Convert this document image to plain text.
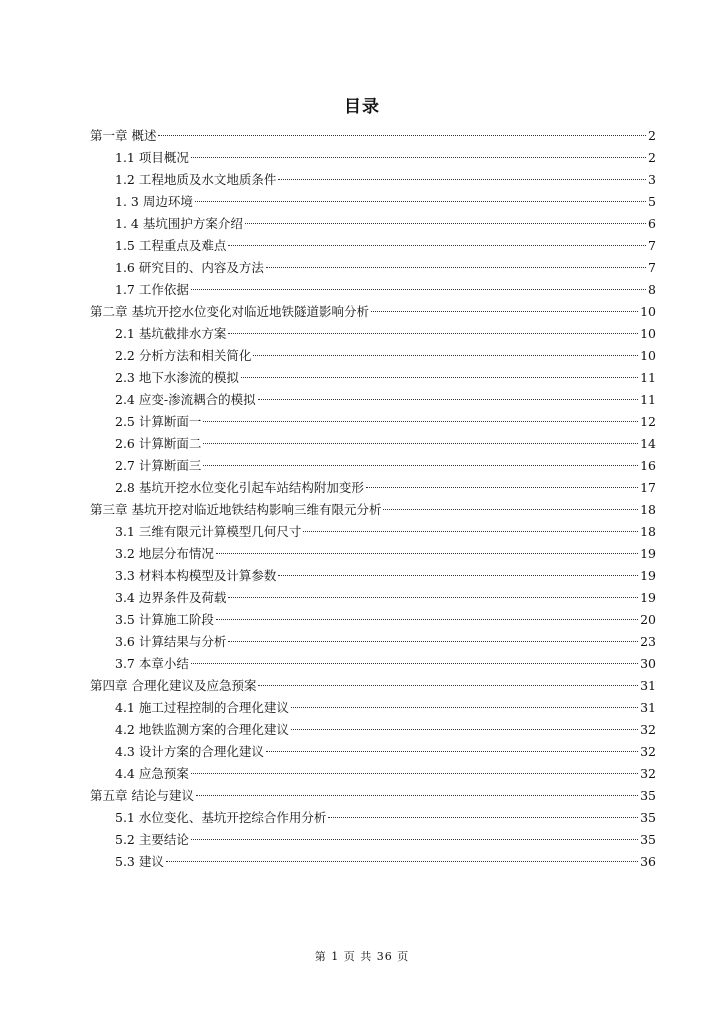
目录
第一章 概述	2
1.1 项目概况	2
1.2 工程地质及水文地质条件	3
1. 3 周边环境	5
1. 4 基坑围护方案介绍	6
1.5 工程重点及难点	7
1.6 研究目的、内容及方法	7
1.7 工作依据	8
第二章 基坑开挖水位变化对临近地铁隧道影响分析	10
2.1 基坑截排水方案	10
2.2 分析方法和相关简化	10
2.3 地下水渗流的模拟	11
2.4 应变-渗流耦合的模拟	11
2.5 计算断面一	12
2.6 计算断面二	14
2.7 计算断面三	16
2.8 基坑开挖水位变化引起车站结构附加变形	17
第三章 基坑开挖对临近地铁结构影响三维有限元分析	18
3.1 三维有限元计算模型几何尺寸	18
3.2 地层分布情况	19
3.3 材料本构模型及计算参数	19
3.4 边界条件及荷载	19
3.5 计算施工阶段	20
3.6 计算结果与分析	23
3.7 本章小结	30
第四章 合理化建议及应急预案	31
4.1 施工过程控制的合理化建议	31
4.2 地铁监测方案的合理化建议	32
4.3 设计方案的合理化建议	32
4.4 应急预案	32
第五章 结论与建议	35
5.1 水位变化、基坑开挖综合作用分析	35
5.2 主要结论	35
5.3 建议	36
第 1 页 共 36 页
